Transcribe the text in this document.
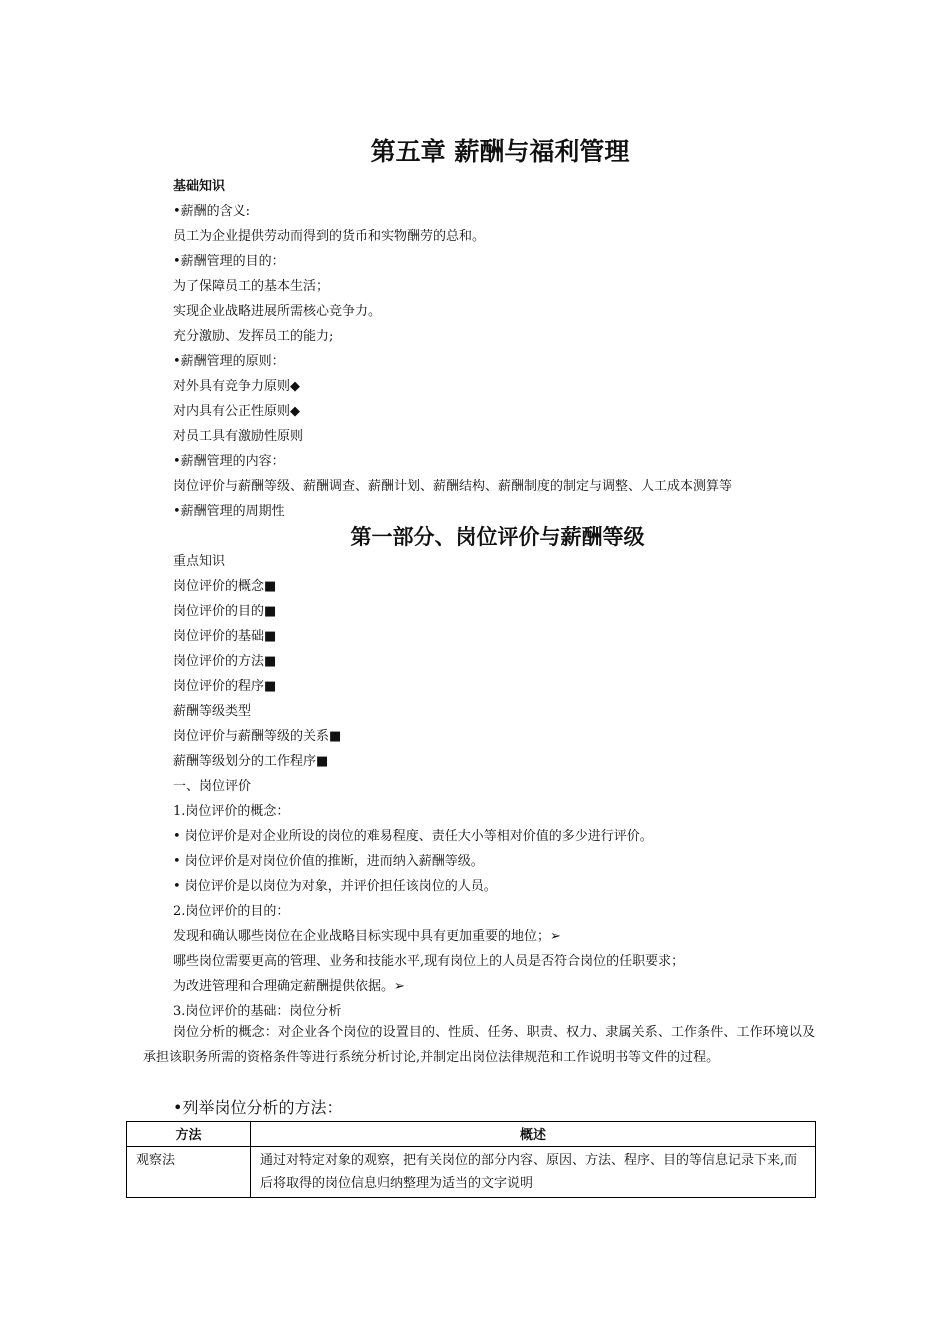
第五章 薪酬与福利管理
基础知识
•薪酬的含义:
员工为企业提供劳动而得到的货币和实物酬劳的总和。
•薪酬管理的目的：
为了保障员工的基本生活；
实现企业战略进展所需核心竞争力。
充分激励、发挥员工的能力;
•薪酬管理的原则：
对外具有竞争力原则◆
对内具有公正性原则◆
对员工具有激励性原则
•薪酬管理的内容：
岗位评价与薪酬等级、薪酬调查、薪酬计划、薪酬结构、薪酬制度的制定与调整、人工成本测算等
•薪酬管理的周期性
第一部分、岗位评价与薪酬等级
重点知识
岗位评价的概念■
岗位评价的目的■
岗位评价的基础■
岗位评价的方法■
岗位评价的程序■
薪酬等级类型
岗位评价与薪酬等级的关系■
薪酬等级划分的工作程序■
一、岗位评价
1.岗位评价的概念：
• 岗位评价是对企业所设的岗位的难易程度、责任大小等相对价值的多少进行评价。
• 岗位评价是对岗位价值的推断，进而纳入薪酬等级。
• 岗位评价是以岗位为对象，并评价担任该岗位的人员。
2.岗位评价的目的：
发现和确认哪些岗位在企业战略目标实现中具有更加重要的地位；➢
哪些岗位需要更高的管理、业务和技能水平,现有岗位上的人员是否符合岗位的任职要求；
为改进管理和合理确定薪酬提供依据。➢
3.岗位评价的基础：岗位分析
岗位分析的概念：对企业各个岗位的设置目的、性质、任务、职责、权力、隶属关系、工作条件、工作环境以及承担该职务所需的资格条件等进行系统分析讨论,并制定出岗位法律规范和工作说明书等文件的过程。
•列举岗位分析的方法：
方法	概述
观察法	通过对特定对象的观察，把有关岗位的部分内容、原因、方法、程序、目的等信息记录下来,而后将取得的岗位信息归纳整理为适当的文字说明
